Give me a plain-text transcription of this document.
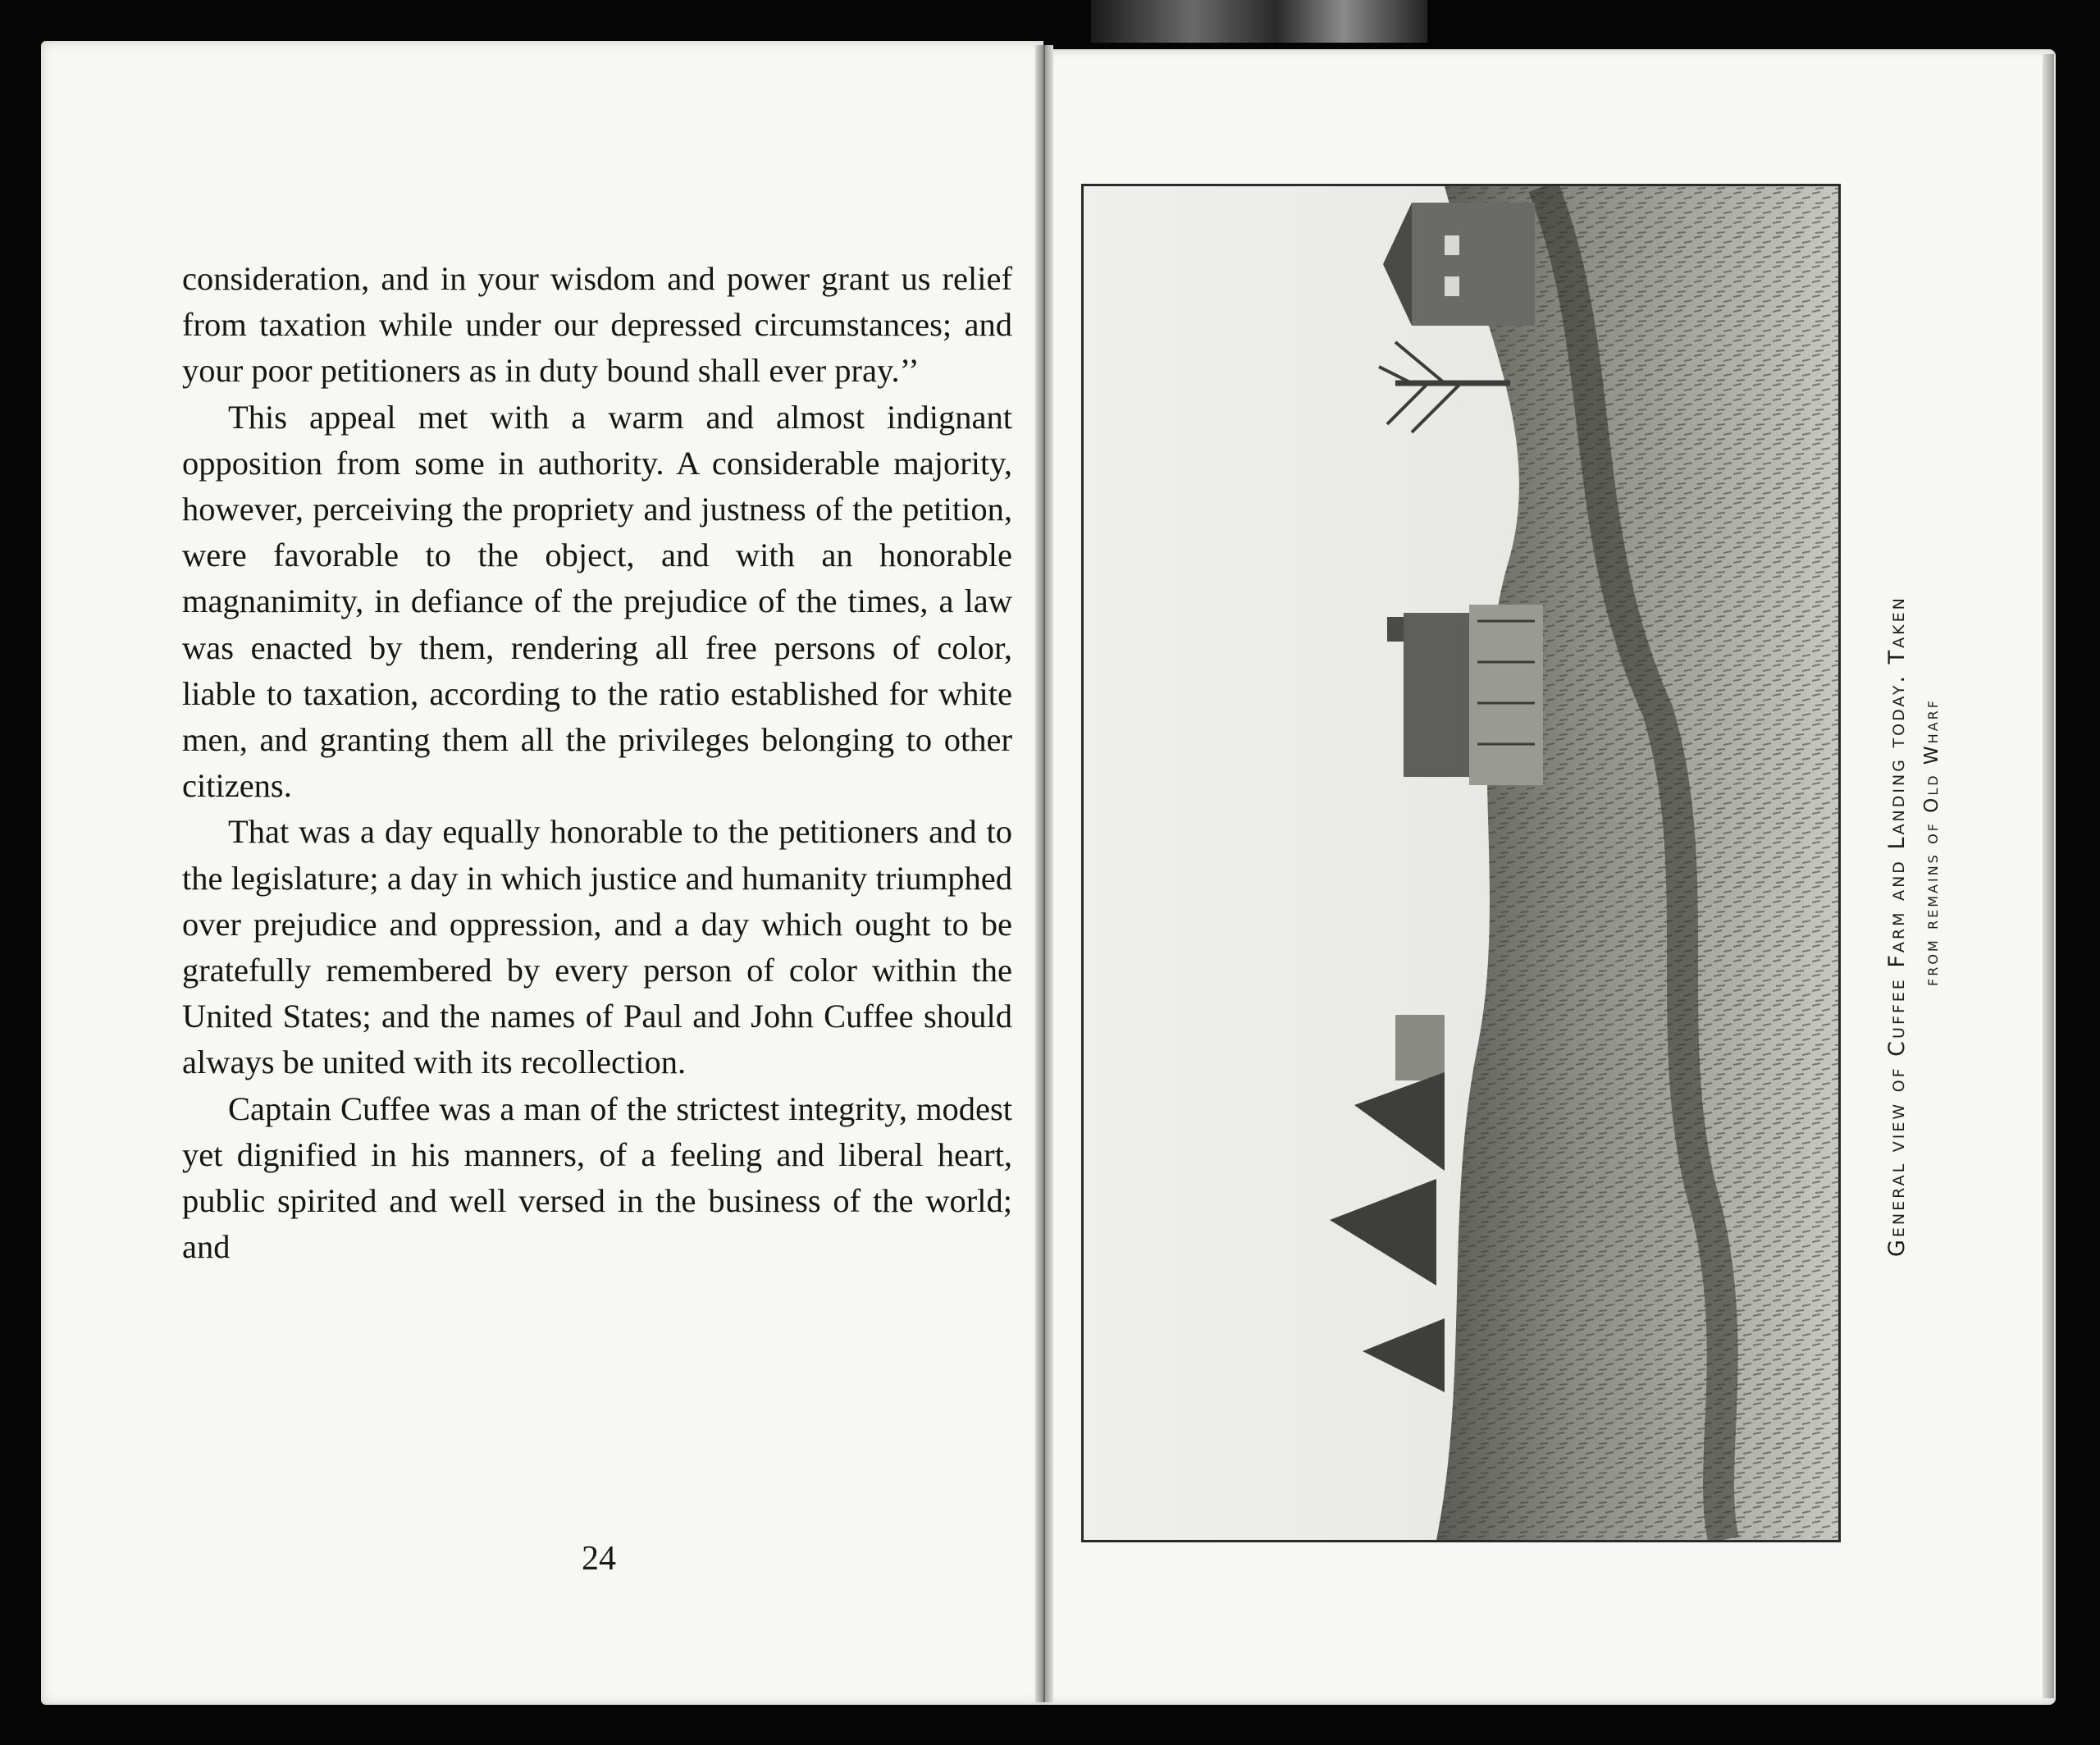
consideration, and in your wisdom and power grant us relief from taxation while under our depressed circumstances; and your poor petitioners as in duty bound shall ever pray.’’

This appeal met with a warm and almost indignant opposition from some in authority. A considerable majority, however, perceiving the propriety and justness of the petition, were favorable to the object, and with an honorable magnanimity, in defiance of the prejudice of the times, a law was enacted by them, rendering all free persons of color, liable to taxation, according to the ratio established for white men, and granting them all the privileges belonging to other citizens.

That was a day equally honorable to the petitioners and to the legislature; a day in which justice and humanity triumphed over prejudice and oppression, and a day which ought to be gratefully remembered by every person of color within the United States; and the names of Paul and John Cuffee should always be united with its recollection.

Captain Cuffee was a man of the strictest integrity, modest yet dignified in his manners, of a feeling and liberal heart, public spirited and well versed in the business of the world; and

24
General view of Cuffee Farm and Landing today. Taken from remains of Old Wharf
